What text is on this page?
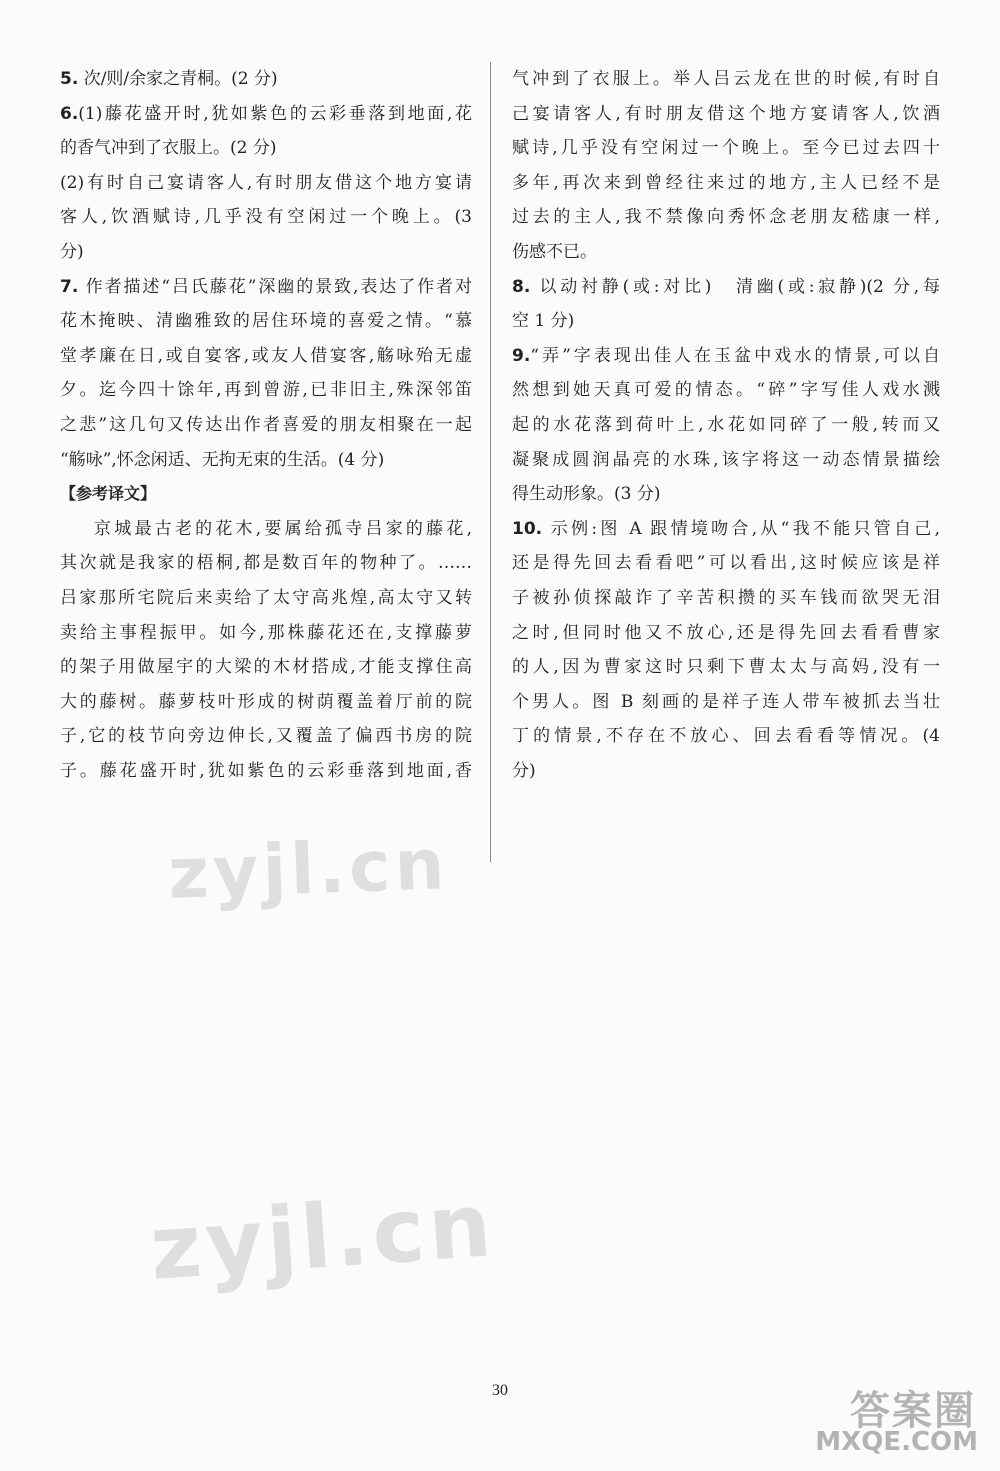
5. 次/则/余家之青桐。(2 分)
6.(1)藤花盛开时,犹如紫色的云彩垂落到地面,花
的香气冲到了衣服上。(2 分)
(2)有时自己宴请客人,有时朋友借这个地方宴请
客人,饮酒赋诗,几乎没有空闲过一个晚上。(3
分)
7. 作者描述“吕氏藤花”深幽的景致,表达了作者对
花木掩映、清幽雅致的居住环境的喜爱之情。“慕
堂孝廉在日,或自宴客,或友人借宴客,觞咏殆无虚
夕。迄今四十馀年,再到曾游,已非旧主,殊深邻笛
之悲”这几句又传达出作者喜爱的朋友相聚在一起
“觞咏”,怀念闲适、无拘无束的生活。(4 分)
【参考译文】
京城最古老的花木,要属给孤寺吕家的藤花,
其次就是我家的梧桐,都是数百年的物种了。……
吕家那所宅院后来卖给了太守高兆煌,高太守又转
卖给主事程振甲。如今,那株藤花还在,支撑藤萝
的架子用做屋宇的大梁的木材搭成,才能支撑住高
大的藤树。藤萝枝叶形成的树荫覆盖着厅前的院
子,它的枝节向旁边伸长,又覆盖了偏西书房的院
子。藤花盛开时,犹如紫色的云彩垂落到地面,香
气冲到了衣服上。举人吕云龙在世的时候,有时自
己宴请客人,有时朋友借这个地方宴请客人,饮酒
赋诗,几乎没有空闲过一个晚上。至今已过去四十
多年,再次来到曾经往来过的地方,主人已经不是
过去的主人,我不禁像向秀怀念老朋友嵇康一样,
伤感不已。
8. 以动衬静(或:对比)　清幽(或:寂静)(2 分,每
空 1 分)
9.“弄”字表现出佳人在玉盆中戏水的情景,可以自
然想到她天真可爱的情态。“碎”字写佳人戏水溅
起的水花落到荷叶上,水花如同碎了一般,转而又
凝聚成圆润晶亮的水珠,该字将这一动态情景描绘
得生动形象。(3 分)
10. 示例:图 A 跟情境吻合,从“我不能只管自己,
还是得先回去看看吧”可以看出,这时候应该是祥
子被孙侦探敲诈了辛苦积攒的买车钱而欲哭无泪
之时,但同时他又不放心,还是得先回去看看曹家
的人,因为曹家这时只剩下曹太太与高妈,没有一
个男人。图 B 刻画的是祥子连人带车被抓去当壮
丁的情景,不存在不放心、回去看看等情况。(4
分)
zyjl.cn
zyjl.cn
30	答案圈
MXQE.COM
